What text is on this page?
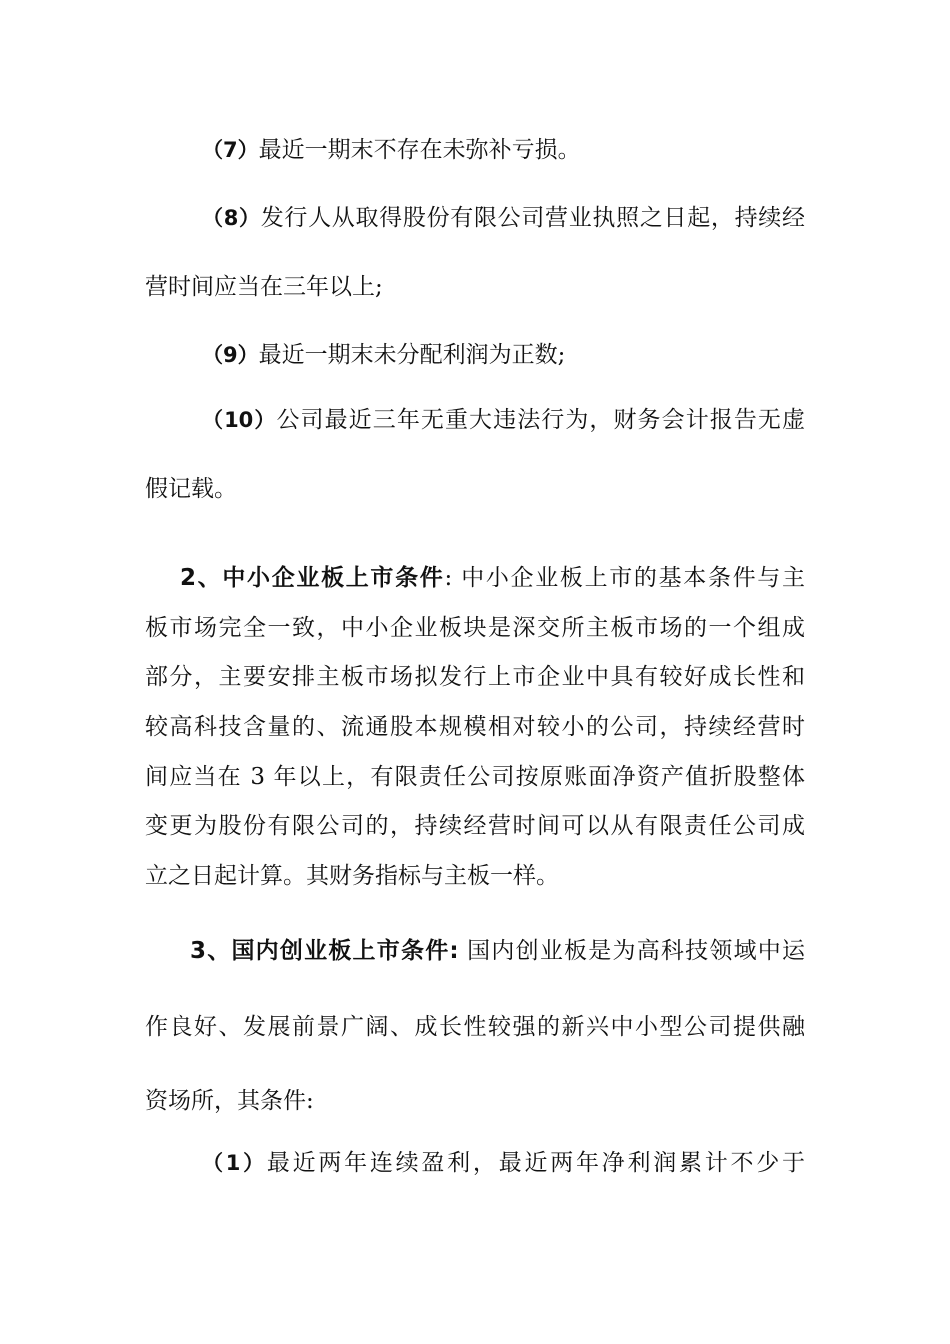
（7）最近一期末不存在未弥补亏损。
（8）发行人从取得股份有限公司营业执照之日起，持续经
营时间应当在三年以上;
（9）最近一期末未分配利润为正数;
（10）公司最近三年无重大违法行为，财务会计报告无虚
假记载。
2、中小企业板上市条件: 中小企业板上市的基本条件与主
板市场完全一致，中小企业板块是深交所主板市场的一个组成
部分，主要安排主板市场拟发行上市企业中具有较好成长性和
较高科技含量的、流通股本规模相对较小的公司，持续经营时
间应当在 3 年以上，有限责任公司按原账面净资产值折股整体
变更为股份有限公司的，持续经营时间可以从有限责任公司成
立之日起计算。其财务指标与主板一样。
3、国内创业板上市条件: 国内创业板是为高科技领域中运
作良好、发展前景广阔、成长性较强的新兴中小型公司提供融
资场所，其条件:
（1）最近两年连续盈利，最近两年净利润累计不少于
